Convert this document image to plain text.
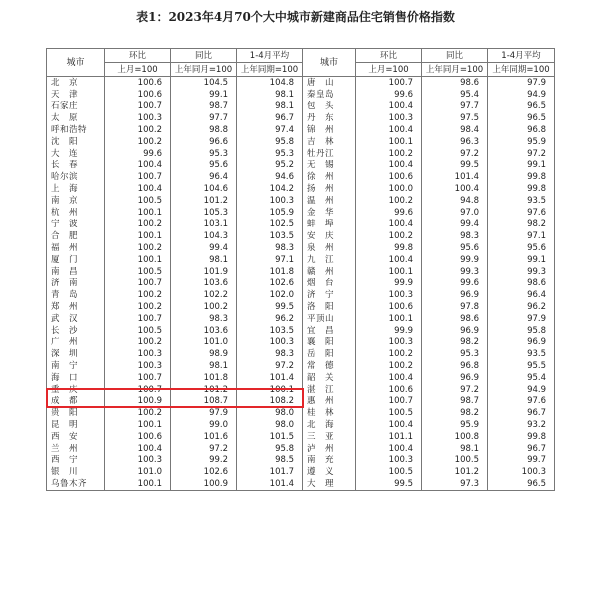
表1：2023年4月70个大中城市新建商品住宅销售价格指数
城市	环比	同比	1-4月平均	城市	环比	同比	1-4月平均
	上月=100	上年同月=100	上年同期=100		上月=100	上年同月=100	上年同期=100
北　京	100.6	104.5	104.8	唐　山	100.7	98.6	97.9
天　津	100.6	99.1	98.1	秦皇岛	99.6	95.4	94.9
石家庄	100.7	98.7	98.1	包　头	100.4	97.7	96.5
太　原	100.3	97.7	96.7	丹　东	100.3	97.5	96.5
呼和浩特	100.2	98.8	97.4	锦　州	100.4	98.4	96.8
沈　阳	100.2	96.6	95.8	吉　林	100.1	96.3	95.9
大　连	99.6	95.3	95.3	牡丹江	100.2	97.2	97.2
长　春	100.4	95.6	95.2	无　锡	100.4	99.5	99.1
哈尔滨	100.7	96.4	94.6	徐　州	100.6	101.4	99.8
上　海	100.4	104.6	104.2	扬　州	100.0	100.4	99.8
南　京	100.5	101.2	100.3	温　州	100.2	94.8	93.5
杭　州	100.1	105.3	105.9	金　华	99.6	97.0	97.6
宁　波	100.2	103.1	102.5	蚌　埠	100.4	99.4	98.2
合　肥	100.1	104.3	103.5	安　庆	100.2	98.3	97.1
福　州	100.2	99.4	98.3	泉　州	99.8	95.6	95.6
厦　门	100.1	98.1	97.1	九　江	100.4	99.9	99.1
南　昌	100.5	101.9	101.8	赣　州	100.1	99.3	99.3
济　南	100.7	103.6	102.6	烟　台	99.9	99.6	98.6
青　岛	100.2	102.2	102.0	济　宁	100.3	96.9	96.4
郑　州	100.2	100.2	99.5	洛　阳	100.6	97.8	96.2
武　汉	100.7	98.3	96.2	平顶山	100.1	98.6	97.9
长　沙	100.5	103.6	103.5	宜　昌	99.9	96.9	95.8
广　州	100.2	101.0	100.3	襄　阳	100.3	98.2	96.9
深　圳	100.3	98.9	98.3	岳　阳	100.2	95.3	93.5
南　宁	100.3	98.1	97.2	常　德	100.2	96.8	95.5
海　口	100.7	101.8	101.4	韶　关	100.4	96.9	95.4
重　庆	100.7	101.2	100.1	湛　江	100.6	97.2	94.9
成　都	100.9	108.7	108.2	惠　州	100.7	98.7	97.6
贵　阳	100.2	97.9	98.0	桂　林	100.5	98.2	96.7
昆　明	100.1	99.0	98.0	北　海	100.4	95.9	93.2
西　安	100.6	101.6	101.5	三　亚	101.1	100.8	99.8
兰　州	100.4	97.2	95.8	泸　州	100.4	98.1	96.7
西　宁	100.3	99.2	98.5	南　充	100.3	100.5	99.7
银　川	101.0	102.6	101.7	遵　义	100.5	101.2	100.3
乌鲁木齐	100.1	100.9	101.4	大　理	99.5	97.3	96.5
